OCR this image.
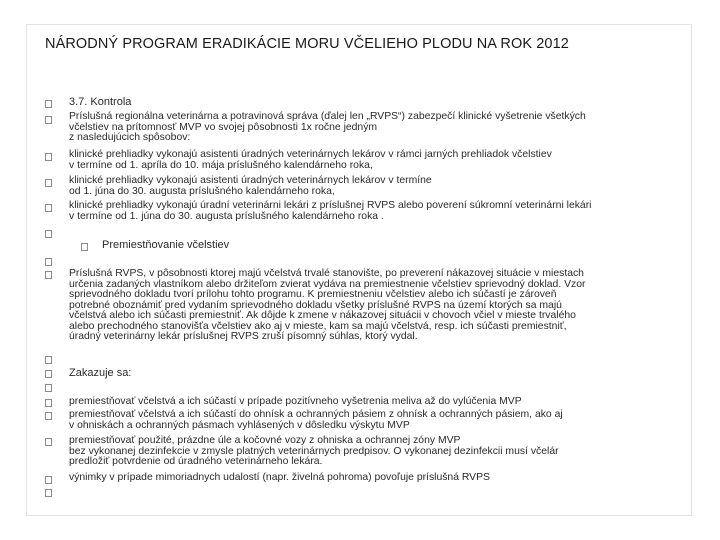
NÁRODNÝ PROGRAM ERADIKÁCIE MORU VČELIEHO PLODU NA ROK 2012
3.7. Kontrola
Príslušná regionálna veterinárna a potravinová správa (ďalej len „RVPS“) zabezpečí klinické vyšetrenie všetkých
včelstiev na prítomnosť MVP vo svojej pôsobnosti 1x ročne jedným
z nasledujúcich spôsobov:
klinické prehliadky vykonajú asistenti úradných veterinárnych lekárov v rámci jarných prehliadok včelstiev
v termíne od 1. apríla do 10. mája príslušného kalendárneho roka,
klinické prehliadky vykonajú asistenti úradných veterinárnych lekárov v termíne
od 1. júna do 30. augusta príslušného kalendárneho roka,
klinické prehliadky vykonajú úradní veterinárni lekári z príslušnej RVPS alebo poverení súkromní veterinárni lekári
v termíne od 1. júna do 30. augusta príslušného kalendárneho roka .
Premiestňovanie včelstiev
Príslušná RVPS, v pôsobnosti ktorej majú včelstvá trvalé stanovište, po preverení nákazovej situácie v miestach
určenia zadaných vlastníkom alebo držiteľom zvierat vydáva na premiestnenie včelstiev sprievodný doklad. Vzor
sprievodného dokladu tvorí prílohu tohto programu. K premiestneniu včelstiev alebo ich súčastí je zároveň
potrebné oboznámiť pred vydaním sprievodného dokladu všetky príslušné RVPS na území ktorých sa majú
včelstvá alebo ich súčasti premiestniť. Ak dôjde k zmene v nákazovej situácii v chovoch včiel v mieste trvalého
alebo prechodného stanovišťa včelstiev ako aj v mieste, kam sa majú včelstvá, resp. ich súčasti premiestniť,
úradný veterinárny lekár príslušnej RVPS zruší písomný súhlas, ktorý vydal.
Zakazuje sa:
premiestňovať včelstvá a ich súčastí v prípade pozitívneho vyšetrenia meliva až do vylúčenia MVP
premiestňovať včelstvá a ich súčastí do ohnísk a ochranných pásiem z ohnísk a ochranných pásiem, ako aj
v ohniskách a ochranných pásmach vyhlásených v dôsledku výskytu MVP
premiestňovať použité, prázdne úle a kočovné vozy z ohniska a ochrannej zóny MVP
bez vykonanej dezinfekcie v zmysle platných veterinárnych predpisov. O vykonanej dezinfekcii musí včelár
predložiť potvrdenie od úradného veterinárneho lekára.
výnimky v prípade mimoriadnych udalostí (napr. živelná pohroma) povoľuje príslušná RVPS
